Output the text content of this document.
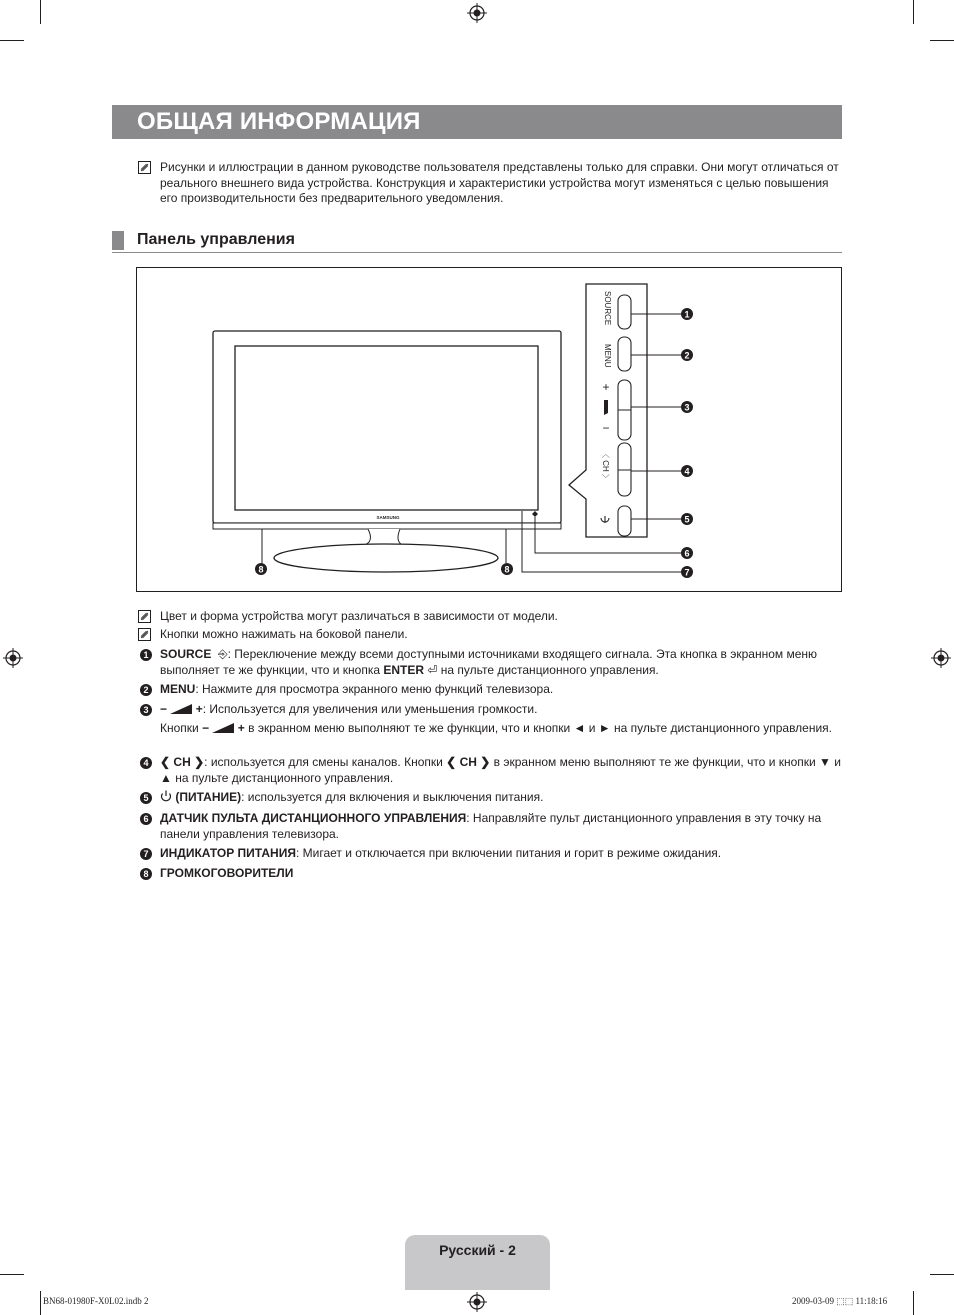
ОБЩАЯ ИНФОРМАЦИЯ
Рисунки и иллюстрации в данном руководстве пользователя представлены только для справки. Они могут отличаться от реального внешнего вида устройства. Конструкция и характеристики устройства могут изменяться с целью повышения его производительности без предварительного уведомления.
Панель управления
SAMSUNG
8	8
SOURCE
MENU
+
−
〈 CH 〉
1
2
3
4
5
6
7
Цвет и форма устройства могут различаться в зависимости от модели.
Кнопки можно нажимать на боковой панели.
1 SOURCE  ⎆: Переключение между всеми доступными источниками входящего сигнала. Эта кнопка в экранном меню выполняет те же функции, что и кнопка ENTER ⏎ на пульте дистанционного управления.
2 MENU: Нажмите для просмотра экранного меню функций телевизора.
3 − +: Используется для увеличения или уменьшения громкости.
Кнопки − + в экранном меню выполняют те же функции, что и кнопки ◄ и ► на пульте дистанционного управления.
4 ❮ CH ❯: используется для смены каналов. Кнопки ❮ CH ❯ в экранном меню выполняют те же функции, что и кнопки ▼ и ▲ на пульте дистанционного управления.
5	(ПИТАНИЕ): используется для включения и выключения питания.
6 ДАТЧИК ПУЛЬТА ДИСТАНЦИОННОГО УПРАВЛЕНИЯ: Направляйте пульт дистанционного управления в эту точку на панели управления телевизора.
7 ИНДИКАТОР ПИТАНИЯ: Мигает и отключается при включении питания и горит в режиме ожидания.
8 ГРОМКОГОВОРИТЕЛИ
Русский - 2
BN68-01980F-X0L02.indb 2	2009-03-09 ⬚⬚ 11:18:16
